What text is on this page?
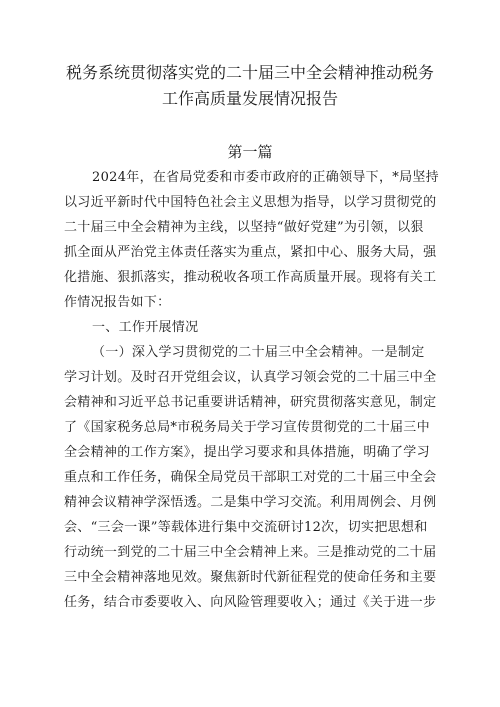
税务系统贯彻落实党的二十届三中全会精神推动税务
工作高质量发展情况报告
第一篇
2024年，在省局党委和市委市政府的正确领导下，*局坚持
以习近平新时代中国特色社会主义思想为指导，以学习贯彻党的
二十届三中全会精神为主线，以坚持“做好党建”为引领，以狠
抓全面从严治党主体责任落实为重点，紧扣中心、服务大局，强
化措施、狠抓落实，推动税收各项工作高质量开展。现将有关工
作情况报告如下：
一、工作开展情况
（一）深入学习贯彻党的二十届三中全会精神。一是制定
学习计划。及时召开党组会议，认真学习领会党的二十届三中全
会精神和习近平总书记重要讲话精神，研究贯彻落实意见，制定
了《国家税务总局*市税务局关于学习宣传贯彻党的二十届三中
全会精神的工作方案》，提出学习要求和具体措施，明确了学习
重点和工作任务，确保全局党员干部职工对党的二十届三中全会
精神会议精神学深悟透。二是集中学习交流。利用周例会、月例
会、“三会一课”等载体进行集中交流研讨12次，切实把思想和
行动统一到党的二十届三中全会精神上来。三是推动党的二十届
三中全会精神落地见效。聚焦新时代新征程党的使命任务和主要
任务，结合市委要收入、向风险管理要收入；通过《关于进一步
